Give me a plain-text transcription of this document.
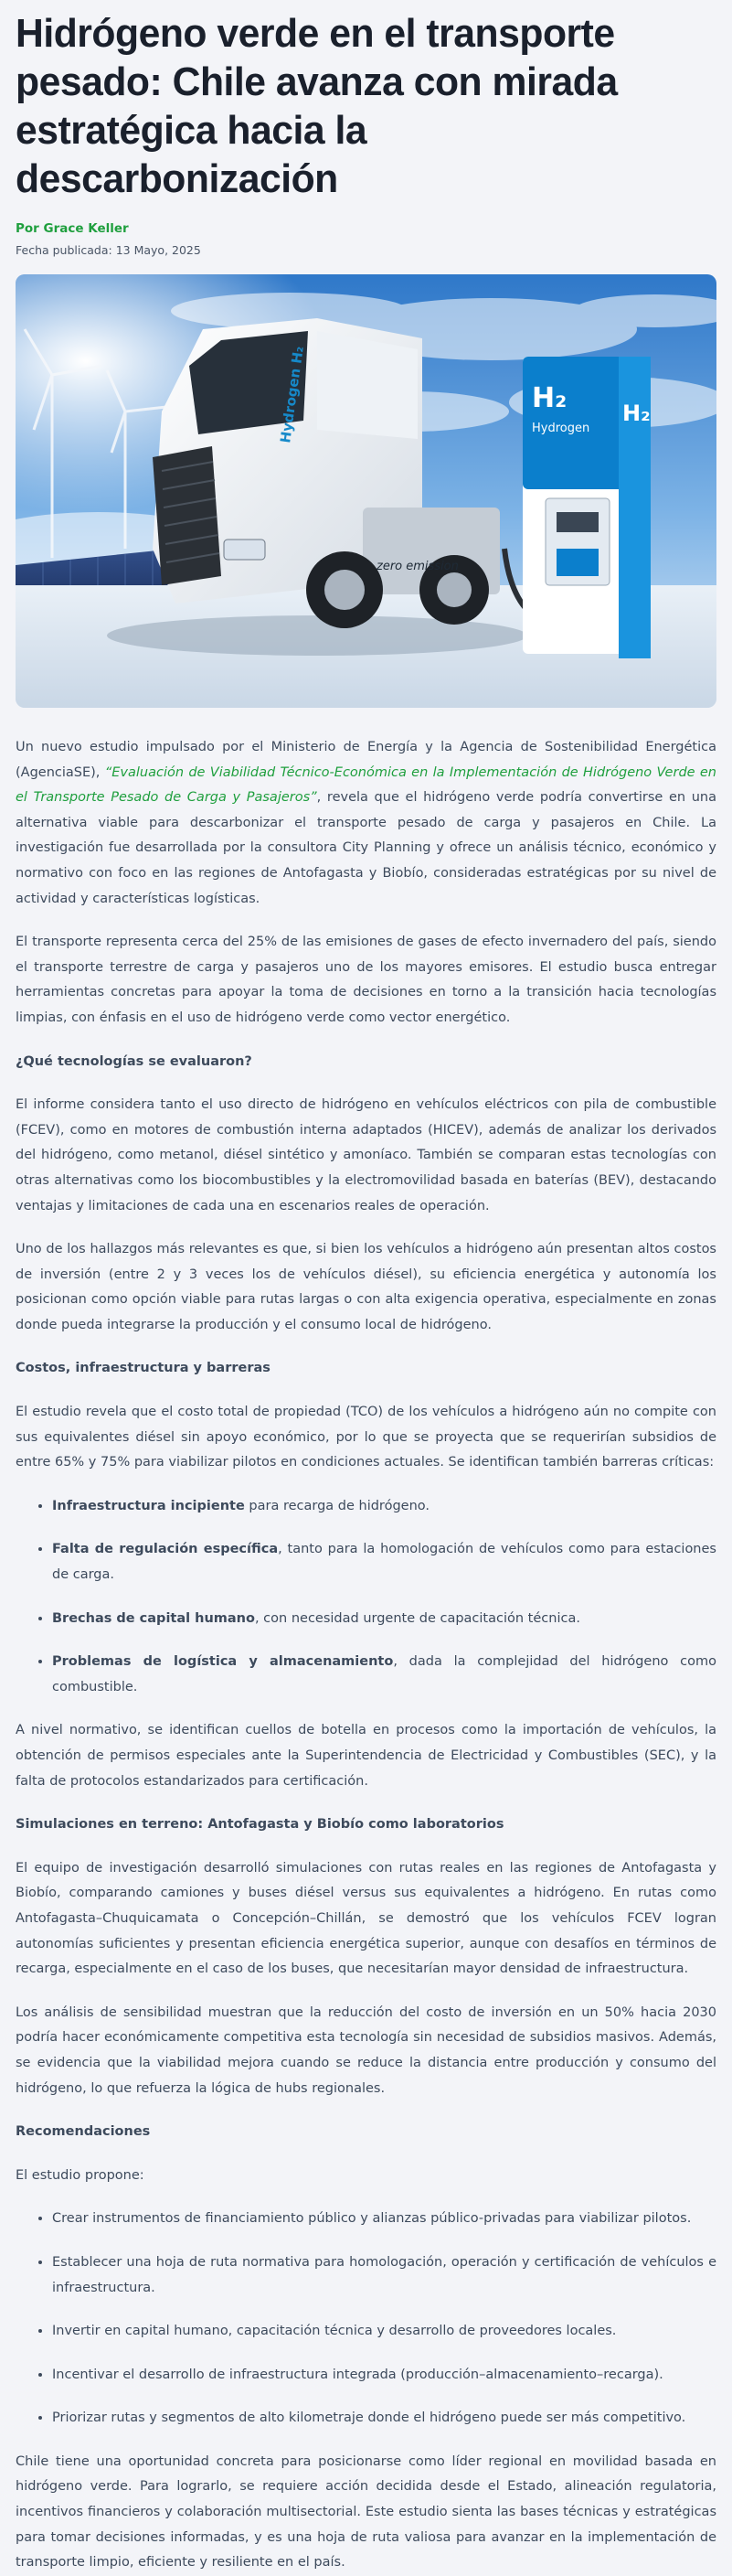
Hidrógeno verde en el transporte pesado: Chile avanza con mirada estratégica hacia la descarbonización
Por Grace Keller
Fecha publicada: 13 Mayo, 2025
Hydrogen H₂
zero emission
H₂
Hydrogen
H₂

Un nuevo estudio impulsado por el Ministerio de Energía y la Agencia de Sostenibilidad Energética (AgenciaSE), “Evaluación de Viabilidad Técnico-Económica en la Implementación de Hidrógeno Verde en el Transporte Pesado de Carga y Pasajeros”, revela que el hidrógeno verde podría convertirse en una alternativa viable para descarbonizar el transporte pesado de carga y pasajeros en Chile. La investigación fue desarrollada por la consultora City Planning y ofrece un análisis técnico, económico y normativo con foco en las regiones de Antofagasta y Biobío, consideradas estratégicas por su nivel de actividad y características logísticas.

El transporte representa cerca del 25% de las emisiones de gases de efecto invernadero del país, siendo el transporte terrestre de carga y pasajeros uno de los mayores emisores. El estudio busca entregar herramientas concretas para apoyar la toma de decisiones en torno a la transición hacia tecnologías limpias, con énfasis en el uso de hidrógeno verde como vector energético.

¿Qué tecnologías se evaluaron?

El informe considera tanto el uso directo de hidrógeno en vehículos eléctricos con pila de combustible (FCEV), como en motores de combustión interna adaptados (HICEV), además de analizar los derivados del hidrógeno, como metanol, diésel sintético y amoníaco. También se comparan estas tecnologías con otras alternativas como los biocombustibles y la electromovilidad basada en baterías (BEV), destacando ventajas y limitaciones de cada una en escenarios reales de operación.

Uno de los hallazgos más relevantes es que, si bien los vehículos a hidrógeno aún presentan altos costos de inversión (entre 2 y 3 veces los de vehículos diésel), su eficiencia energética y autonomía los posicionan como opción viable para rutas largas o con alta exigencia operativa, especialmente en zonas donde pueda integrarse la producción y el consumo local de hidrógeno.

Costos, infraestructura y barreras

El estudio revela que el costo total de propiedad (TCO) de los vehículos a hidrógeno aún no compite con sus equivalentes diésel sin apoyo económico, por lo que se proyecta que se requerirían subsidios de entre 65% y 75% para viabilizar pilotos en condiciones actuales. Se identifican también barreras críticas:

• Infraestructura incipiente para recarga de hidrógeno.
• Falta de regulación específica, tanto para la homologación de vehículos como para estaciones de carga.
• Brechas de capital humano, con necesidad urgente de capacitación técnica.
• Problemas de logística y almacenamiento, dada la complejidad del hidrógeno como combustible.

A nivel normativo, se identifican cuellos de botella en procesos como la importación de vehículos, la obtención de permisos especiales ante la Superintendencia de Electricidad y Combustibles (SEC), y la falta de protocolos estandarizados para certificación.

Simulaciones en terreno: Antofagasta y Biobío como laboratorios

El equipo de investigación desarrolló simulaciones con rutas reales en las regiones de Antofagasta y Biobío, comparando camiones y buses diésel versus sus equivalentes a hidrógeno. En rutas como Antofagasta–Chuquicamata o Concepción–Chillán, se demostró que los vehículos FCEV logran autonomías suficientes y presentan eficiencia energética superior, aunque con desafíos en términos de recarga, especialmente en el caso de los buses, que necesitarían mayor densidad de infraestructura.

Los análisis de sensibilidad muestran que la reducción del costo de inversión en un 50% hacia 2030 podría hacer económicamente competitiva esta tecnología sin necesidad de subsidios masivos. Además, se evidencia que la viabilidad mejora cuando se reduce la distancia entre producción y consumo del hidrógeno, lo que refuerza la lógica de hubs regionales.

Recomendaciones

El estudio propone:

• Crear instrumentos de financiamiento público y alianzas público-privadas para viabilizar pilotos.
• Establecer una hoja de ruta normativa para homologación, operación y certificación de vehículos e infraestructura.
• Invertir en capital humano, capacitación técnica y desarrollo de proveedores locales.
• Incentivar el desarrollo de infraestructura integrada (producción–almacenamiento–recarga).
• Priorizar rutas y segmentos de alto kilometraje donde el hidrógeno puede ser más competitivo.

Chile tiene una oportunidad concreta para posicionarse como líder regional en movilidad basada en hidrógeno verde. Para lograrlo, se requiere acción decidida desde el Estado, alineación regulatoria, incentivos financieros y colaboración multisectorial. Este estudio sienta las bases técnicas y estratégicas para tomar decisiones informadas, y es una hoja de ruta valiosa para avanzar en la implementación de transporte limpio, eficiente y resiliente en el país.
